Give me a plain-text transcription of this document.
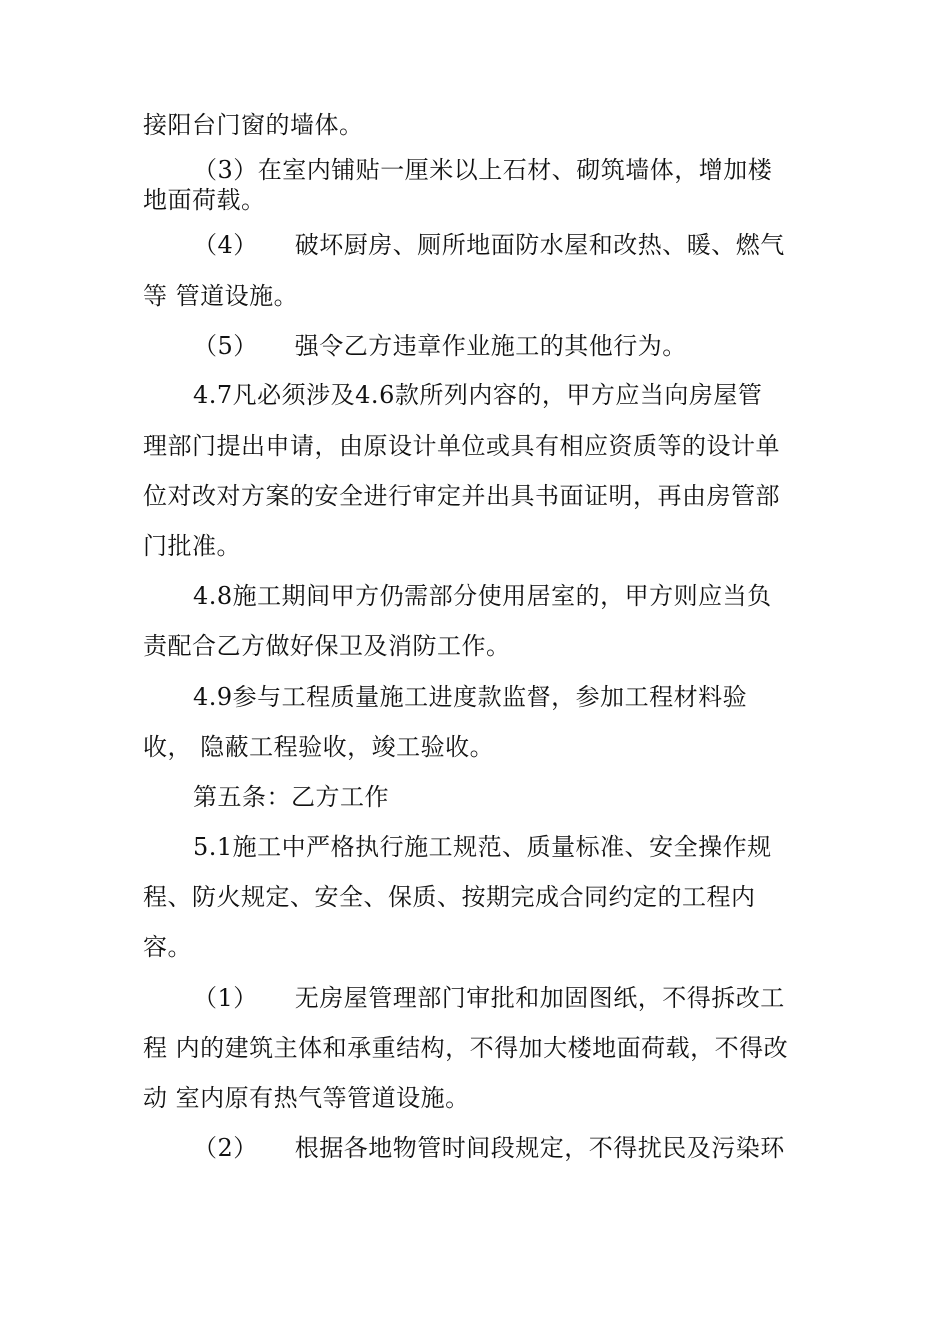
接阳台门窗的墙体。
（3）在室内铺贴一厘米以上石材、砌筑墙体，增加楼
地面荷载。
（4）　　破坏厨房、厕所地面防水屋和改热、暖、燃气
等 管道设施。
（5）　　强令乙方违章作业施工的其他行为。
4.7凡必须涉及4.6款所列内容的，甲方应当向房屋管
理部门提出申请，由原设计单位或具有相应资质等的设计单
位对改对方案的安全进行审定并出具书面证明，再由房管部
门批准。
4.8施工期间甲方仍需部分使用居室的，甲方则应当负
责配合乙方做好保卫及消防工作。
4.9参与工程质量施工进度款监督，参加工程材料验
收， 隐蔽工程验收，竣工验收。
第五条：乙方工作
5.1施工中严格执行施工规范、质量标准、安全操作规
程、防火规定、安全、保质、按期完成合同约定的工程内
容。
（1）　　无房屋管理部门审批和加固图纸，不得拆改工
程 内的建筑主体和承重结构，不得加大楼地面荷载，不得改
动 室内原有热气等管道设施。
（2）　　根据各地物管时间段规定，不得扰民及污染环
